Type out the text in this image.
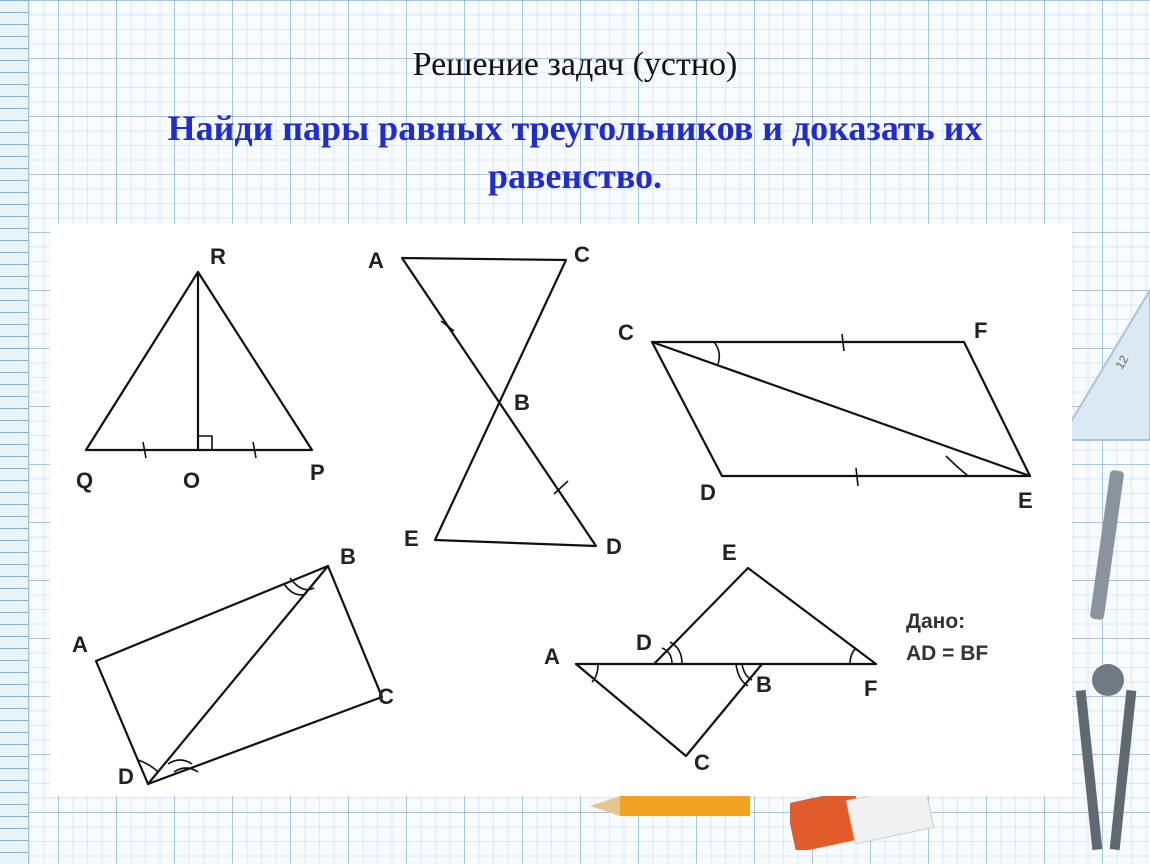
Решение задач (устно)
Найди пары равных треугольников и доказать их
равенство.
12
R
Q	O	P
A	C
B
E	D
C	F
D	E
A
B
C
D
E
D
A
B	F
C
Дано:
AD = BF
